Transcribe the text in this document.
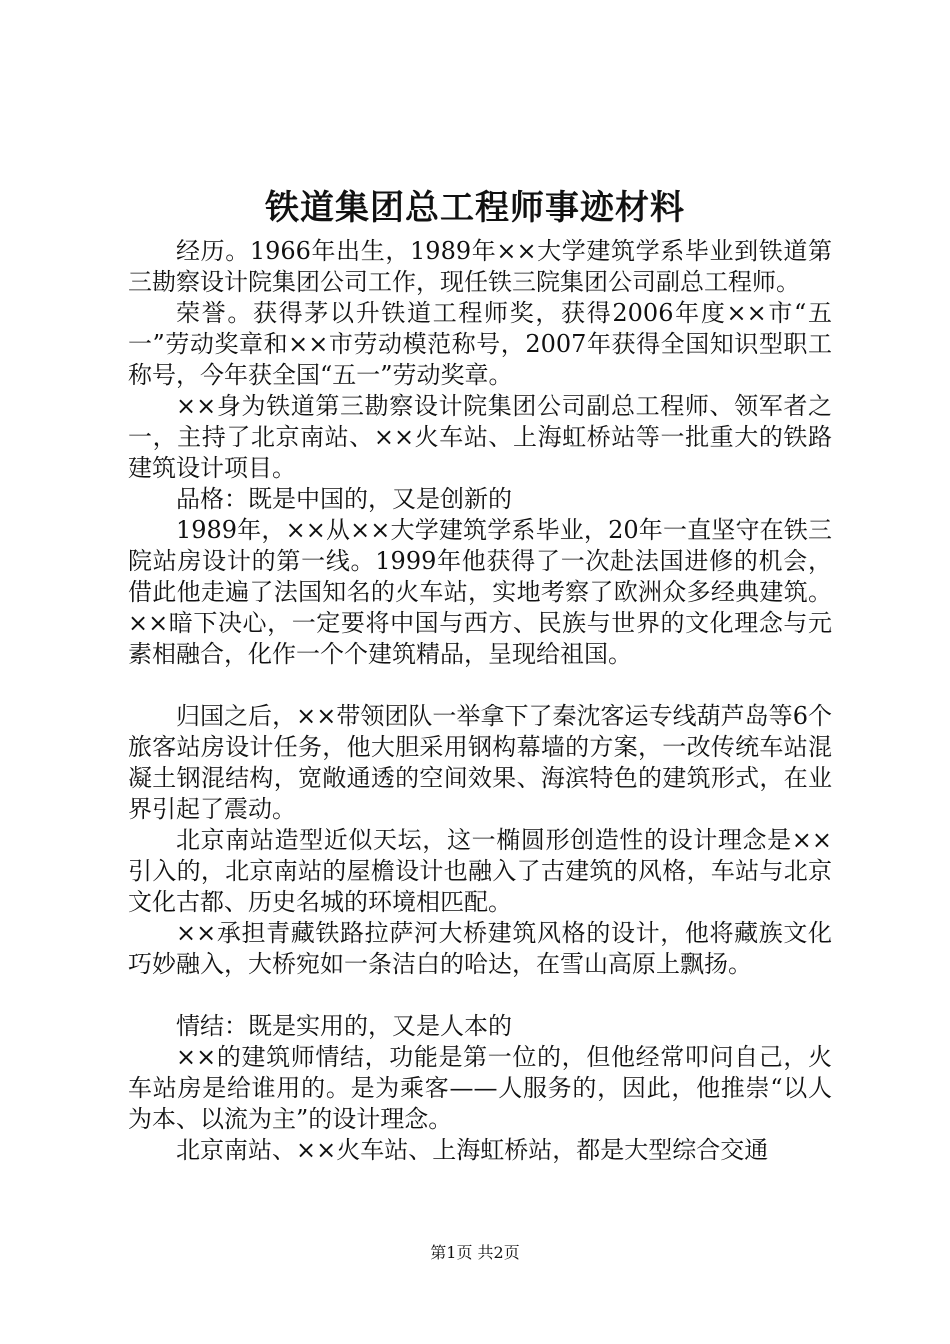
铁道集团总工程师事迹材料

经历。1966年出生，1989年××大学建筑学系毕业到铁道第三勘察设计院集团公司工作，现任铁三院集团公司副总工程师。

荣誉。获得茅以升铁道工程师奖，获得2006年度××市“五一”劳动奖章和××市劳动模范称号，2007年获得全国知识型职工称号，今年获全国“五一”劳动奖章。

××身为铁道第三勘察设计院集团公司副总工程师、领军者之一，主持了北京南站、××火车站、上海虹桥站等一批重大的铁路建筑设计项目。

品格：既是中国的，又是创新的

1989年，××从××大学建筑学系毕业，20年一直坚守在铁三院站房设计的第一线。1999年他获得了一次赴法国进修的机会，借此他走遍了法国知名的火车站，实地考察了欧洲众多经典建筑。××暗下决心，一定要将中国与西方、民族与世界的文化理念与元素相融合，化作一个个建筑精品，呈现给祖国。

归国之后，××带领团队一举拿下了秦沈客运专线葫芦岛等6个旅客站房设计任务，他大胆采用钢构幕墙的方案，一改传统车站混凝土钢混结构，宽敞通透的空间效果、海滨特色的建筑形式，在业界引起了震动。

北京南站造型近似天坛，这一椭圆形创造性的设计理念是××引入的，北京南站的屋檐设计也融入了古建筑的风格，车站与北京文化古都、历史名城的环境相匹配。

××承担青藏铁路拉萨河大桥建筑风格的设计，他将藏族文化巧妙融入，大桥宛如一条洁白的哈达，在雪山高原上飘扬。

情结：既是实用的，又是人本的

××的建筑师情结，功能是第一位的，但他经常叩问自己，火车站房是给谁用的。是为乘客——人服务的，因此，他推崇“以人为本、以流为主”的设计理念。

北京南站、××火车站、上海虹桥站，都是大型综合交通

第1页 共2页
